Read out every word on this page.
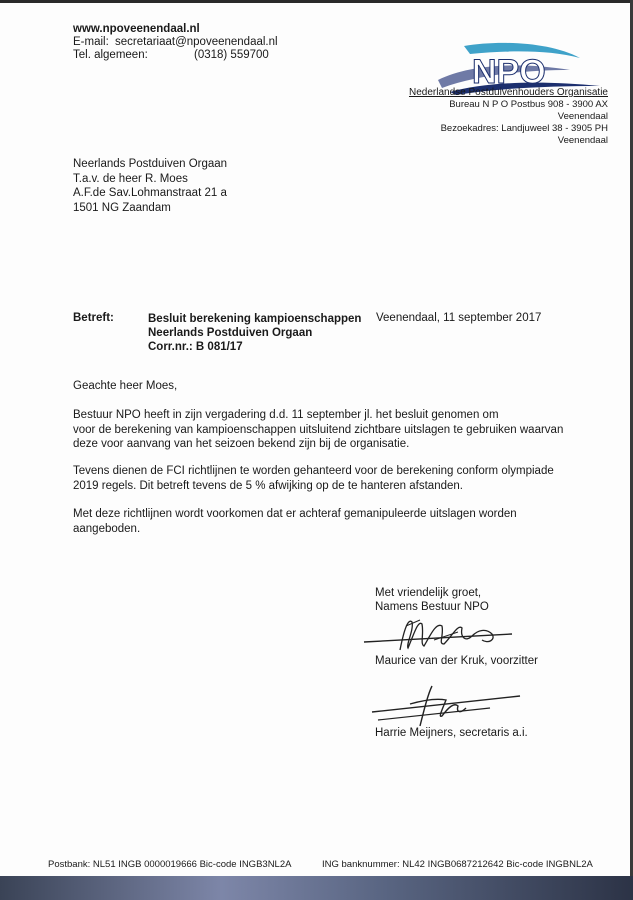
www.npoveenendaal.nl
E-mail: secretariaat@npoveenendaal.nl
Tel. algemeen:	(0318) 559700	NPO
Nederlandse Postduivenhouders Organisatie
Bureau N P O Postbus 908 - 3900 AX
Veenendaal
Bezoekadres: Landjuweel 38 - 3905 PH
Veenendaal
Neerlands Postduiven Orgaan
T.a.v. de heer R. Moes
A.F.de Sav.Lohmanstraat 21 a
1501 NG Zaandam
Betreft:	Besluit berekening kampioenschappen
Neerlands Postduiven Orgaan
Corr.nr.: B 081/17
Veenendaal, 11 september 2017
Geachte heer Moes,
Bestuur NPO heeft in zijn vergadering d.d. 11 september jl. het besluit genomen om
voor de berekening van kampioenschappen uitsluitend zichtbare uitslagen te gebruiken waarvan
deze voor aanvang van het seizoen bekend zijn bij de organisatie.
Tevens dienen de FCI richtlijnen te worden gehanteerd voor de berekening conform olympiade
2019 regels. Dit betreft tevens de 5 % afwijking op de te hanteren afstanden.
Met deze richtlijnen wordt voorkomen dat er achteraf gemanipuleerde uitslagen worden
aangeboden.
Met vriendelijk groet,
Namens Bestuur NPO
Maurice van der Kruk, voorzitter
Harrie Meijners, secretaris a.i.
Postbank: NL51 INGB 0000019666 Bic-code INGB3NL2A	ING banknummer: NL42 INGB0687212642 Bic-code INGBNL2A
